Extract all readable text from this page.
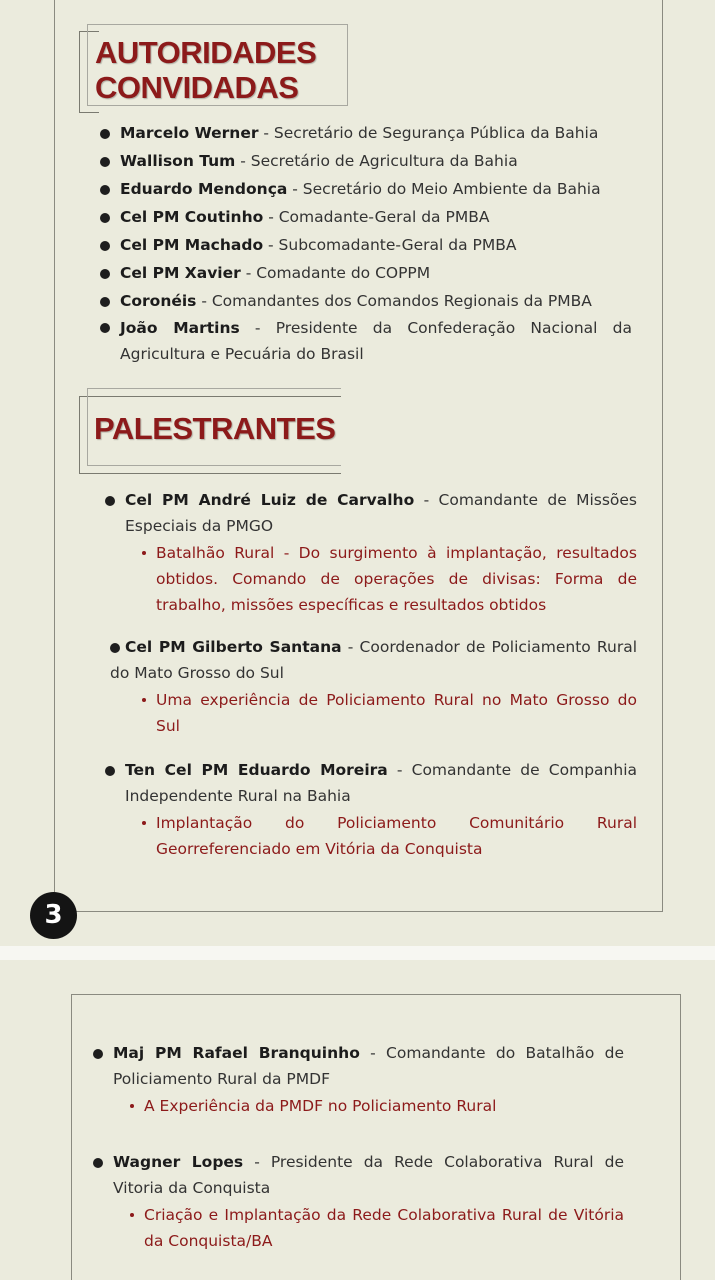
AUTORIDADES
CONVIDADAS
Marcelo Werner - Secretário de Segurança Pública da Bahia
Wallison Tum - Secretário de Agricultura da Bahia
Eduardo Mendonça - Secretário do Meio Ambiente da Bahia
Cel PM Coutinho - Comadante-Geral da PMBA
Cel PM Machado - Subcomadante-Geral da PMBA
Cel PM Xavier - Comadante do COPPM
Coronéis - Comandantes dos Comandos Regionais da PMBA
João Martins - Presidente da Confederação Nacional da Agricultura e Pecuária do Brasil
PALESTRANTES
Cel PM André Luiz de Carvalho - Comandante de Missões Especiais da PMGO
Batalhão Rural - Do surgimento à implantação, resultados obtidos. Comando de operações de divisas: Forma de trabalho, missões específicas e resultados obtidos
Cel PM Gilberto Santana - Coordenador de Policiamento Rural do Mato Grosso do Sul
Uma experiência de Policiamento Rural no Mato Grosso do Sul
Ten Cel PM Eduardo Moreira - Comandante de Companhia Independente Rural na Bahia
Implantação do Policiamento Comunitário Rural Georreferenciado em Vitória da Conquista
3
Maj PM Rafael Branquinho - Comandante do Batalhão de Policiamento Rural da PMDF
A Experiência da PMDF no Policiamento Rural
Wagner Lopes - Presidente da Rede Colaborativa Rural de Vitoria da Conquista
Criação e Implantação da Rede Colaborativa Rural de Vitória da Conquista/BA
